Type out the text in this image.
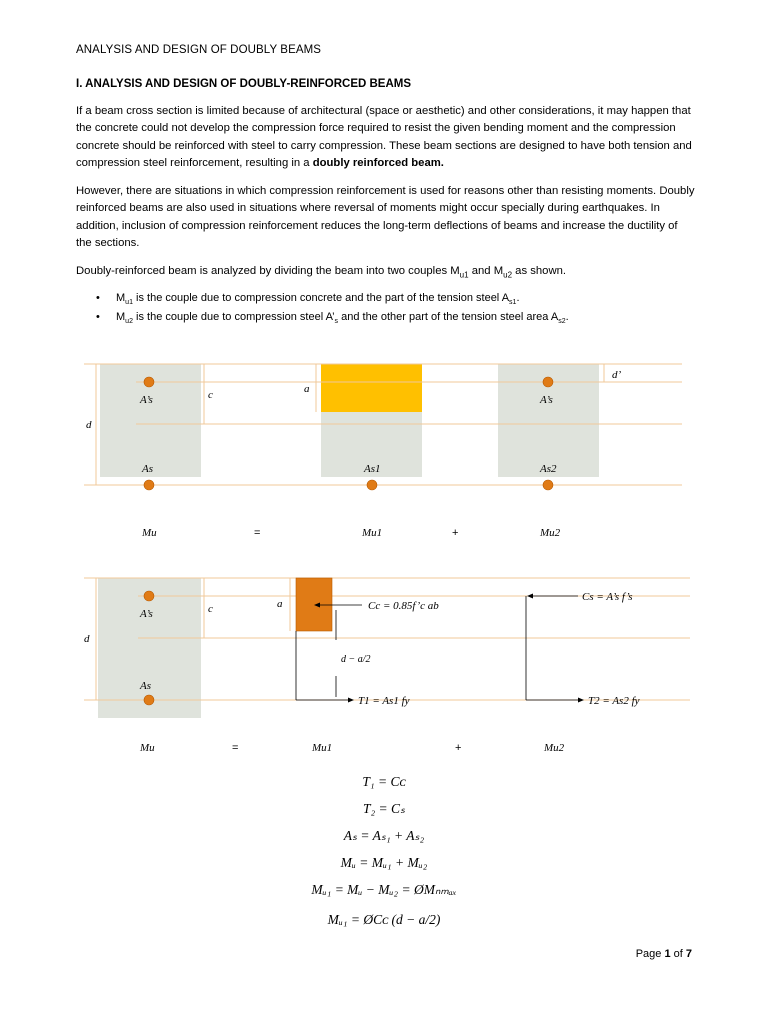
ANALYSIS AND DESIGN OF DOUBLY BEAMS
I. ANALYSIS AND DESIGN OF DOUBLY-REINFORCED BEAMS

If a beam cross section is limited because of architectural (space or aesthetic) and other considerations, it may happen that the concrete could not develop the compression force required to resist the given bending moment and the compression concrete should be reinforced with steel to carry compression. These beam sections are designed to have both tension and compression steel reinforcement, resulting in a doubly reinforced beam.

However, there are situations in which compression reinforcement is used for reasons other than resisting moments. Doubly reinforced beams are also used in situations where reversal of moments might occur specially during earthquakes. In addition, inclusion of compression reinforcement reduces the long-term deflections of beams and increase the ductility of the sections.

Doubly-reinforced beam is analyzed by dividing the beam into two couples $M_{u1}$ and $M_{u2}$ as shown.

• $M_{u1}$ is the couple due to compression concrete and the part of the tension steel $A_{s1}$.
• $M_{u2}$ is the couple due to compression steel $A’_s$ and the other part of the tension steel area $A_{s2}$.
d
c	a
d’
A’s	A’s
As	As1	As2
Mu	=	Mu1	+	Mu2
d
c	a
A’s
As
d − a/2
Cc = 0.85f’c ab
Cs = A’s f’s
T1 = As1 fy	T2 = As2 fy
Mu	=	Mu1	+	Mu2
T₁ = Cᴄ
T₂ = Cₛ
Aₛ = Aₛ₁ + Aₛ₂
Mᵤ = Mᵤ₁ + Mᵤ₂
Mᵤ₁ = Mᵤ − Mᵤ₂ = ØMₙₘₐₓ
Mᵤ₁ = ØCᴄ (d − a/2)
Page 1 of 7
